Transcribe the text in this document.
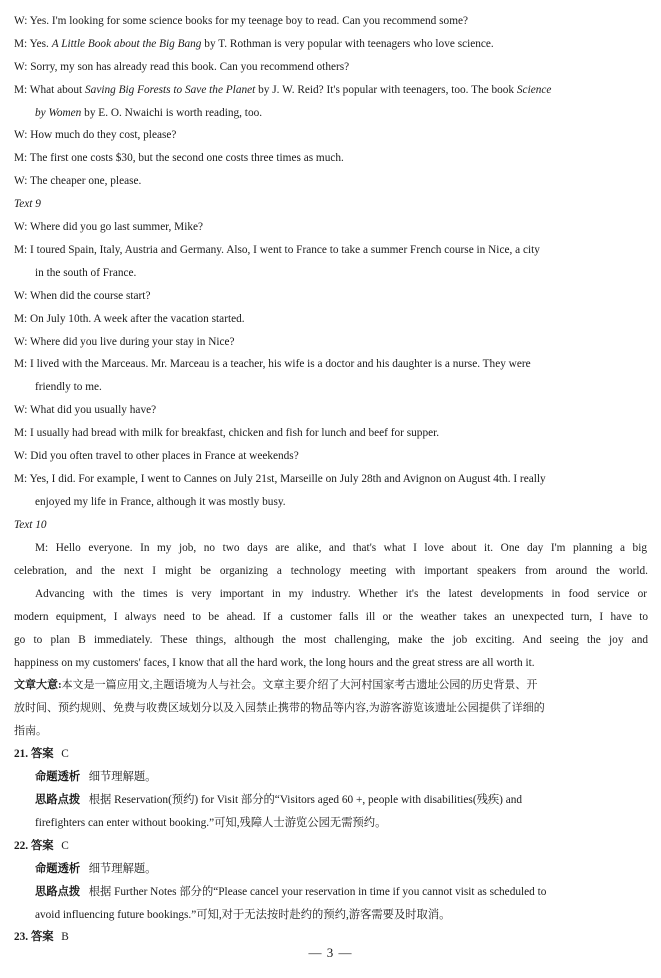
W: Yes. I'm looking for some science books for my teenage boy to read. Can you recommend some?
M: Yes. A Little Book about the Big Bang by T. Rothman is very popular with teenagers who love science.
W: Sorry, my son has already read this book. Can you recommend others?
M: What about Saving Big Forests to Save the Planet by J. W. Reid? It's popular with teenagers, too. The book Science
by Women by E. O. Nwaichi is worth reading, too.
W: How much do they cost, please?
M: The first one costs $30, but the second one costs three times as much.
W: The cheaper one, please.
Text 9
W: Where did you go last summer, Mike?
M: I toured Spain, Italy, Austria and Germany. Also, I went to France to take a summer French course in Nice, a city
in the south of France.
W: When did the course start?
M: On July 10th. A week after the vacation started.
W: Where did you live during your stay in Nice?
M: I lived with the Marceaus. Mr. Marceau is a teacher, his wife is a doctor and his daughter is a nurse. They were
friendly to me.
W: What did you usually have?
M: I usually had bread with milk for breakfast, chicken and fish for lunch and beef for supper.
W: Did you often travel to other places in France at weekends?
M: Yes, I did. For example, I went to Cannes on July 21st, Marseille on July 28th and Avignon on August 4th. I really
enjoyed my life in France, although it was mostly busy.
Text 10
M: Hello everyone. In my job, no two days are alike, and that's what I love about it. One day I'm planning a big
celebration, and the next I might be organizing a technology meeting with important speakers from around the world.
Advancing with the times is very important in my industry. Whether it's the latest developments in food service or
modern equipment, I always need to be ahead. If a customer falls ill or the weather takes an unexpected turn, I have to
go to plan B immediately. These things, although the most challenging, make the job exciting. And seeing the joy and
happiness on my customers' faces, I know that all the hard work, the long hours and the great stress are all worth it.
文章大意:本文是一篇应用文,主题语境为人与社会。文章主要介绍了大河村国家考古遗址公园的历史背景、开
放时间、预约规则、免费与收费区域划分以及入园禁止携带的物品等内容,为游客游览该遗址公园提供了详细的
指南。
21. 答案 C
命题透析 细节理解题。
思路点拨 根据 Reservation(预约) for Visit 部分的“Visitors aged 60 +, people with disabilities(残疾) and
firefighters can enter without booking.”可知,残障人士游览公园无需预约。
22. 答案 C
命题透析 细节理解题。
思路点拨 根据 Further Notes 部分的“Please cancel your reservation in time if you cannot visit as scheduled to
avoid influencing future bookings.”可知,对于无法按时赴约的预约,游客需要及时取消。
23. 答案 B
— 3 —
